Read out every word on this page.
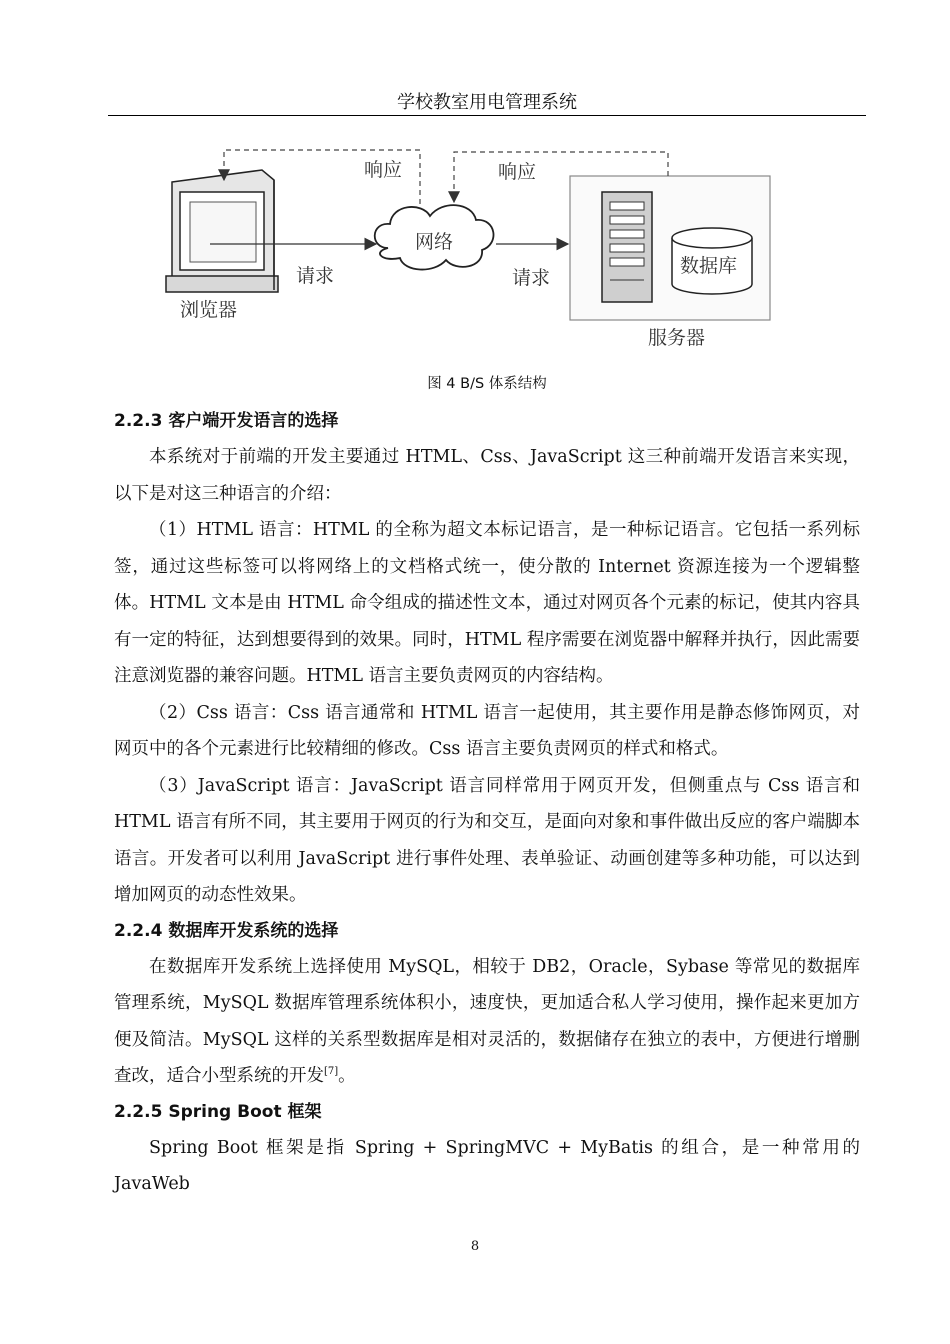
学校教室用电管理系统
响应	响应
网络
请求	请求
浏览器
数据库
服务器
图 4 B/S 体系结构
2.2.3 客户端开发语言的选择

本系统对于前端的开发主要通过 HTML、Css、JavaScript 这三种前端开发语言来实现，以下是对这三种语言的介绍：

（1）HTML 语言：HTML 的全称为超文本标记语言，是一种标记语言。它包括一系列标签，通过这些标签可以将网络上的文档格式统一，使分散的 Internet 资源连接为一个逻辑整体。HTML 文本是由 HTML 命令组成的描述性文本，通过对网页各个元素的标记，使其内容具有一定的特征，达到想要得到的效果。同时，HTML 程序需要在浏览器中解释并执行，因此需要注意浏览器的兼容问题。HTML 语言主要负责网页的内容结构。

（2）Css 语言：Css 语言通常和 HTML 语言一起使用，其主要作用是静态修饰网页，对网页中的各个元素进行比较精细的修改。Css 语言主要负责网页的样式和格式。

（3）JavaScript 语言：JavaScript 语言同样常用于网页开发，但侧重点与 Css 语言和 HTML 语言有所不同，其主要用于网页的行为和交互，是面向对象和事件做出反应的客户端脚本语言。开发者可以利用 JavaScript 进行事件处理、表单验证、动画创建等多种功能，可以达到增加网页的动态性效果。

2.2.4 数据库开发系统的选择

在数据库开发系统上选择使用 MySQL，相较于 DB2，Oracle，Sybase 等常见的数据库管理系统，MySQL 数据库管理系统体积小，速度快，更加适合私人学习使用，操作起来更加方便及简洁。MySQL 这样的关系型数据库是相对灵活的，数据储存在独立的表中，方便进行增删查改，适合小型系统的开发[7]。

2.2.5 Spring Boot 框架

Spring Boot 框架是指 Spring + SpringMVC + MyBatis 的组合，是一种常用的 JavaWeb

8
